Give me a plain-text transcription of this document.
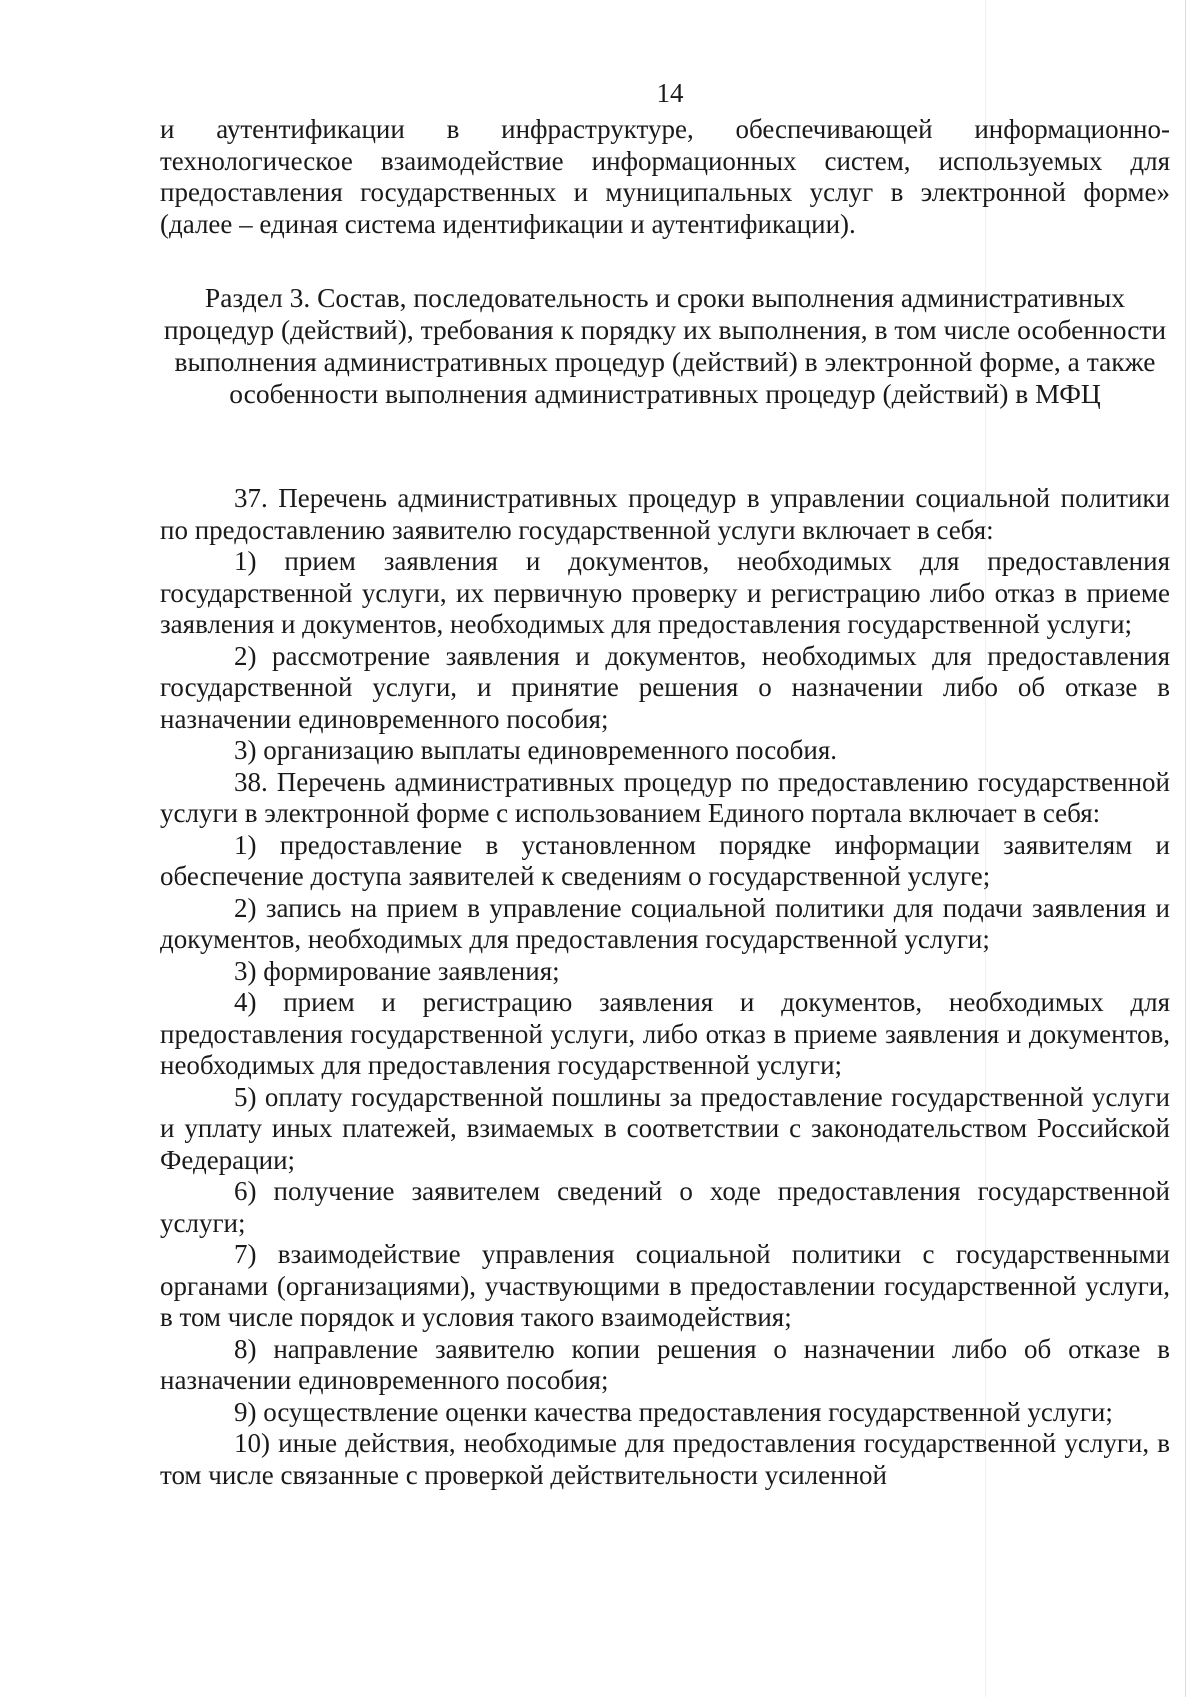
14

и аутентификации в инфраструктуре, обеспечивающей информационно-технологическое взаимодействие информационных систем, используемых для предоставления государственных и муниципальных услуг в электронной форме» (далее – единая система идентификации и аутентификации).

Раздел 3. Состав, последовательность и сроки выполнения административных процедур (действий), требования к порядку их выполнения, в том числе особенности выполнения административных процедур (действий) в электронной форме, а также особенности выполнения административных процедур (действий) в МФЦ

37. Перечень административных процедур в управлении социальной политики по предоставлению заявителю государственной услуги включает в себя:

1) прием заявления и документов, необходимых для предоставления государственной услуги, их первичную проверку и регистрацию либо отказ в приеме заявления и документов, необходимых для предоставления государственной услуги;

2) рассмотрение заявления и документов, необходимых для предоставления государственной услуги, и принятие решения о назначении либо об отказе в назначении единовременного пособия;

3) организацию выплаты единовременного пособия.

38. Перечень административных процедур по предоставлению государственной услуги в электронной форме с использованием Единого портала включает в себя:

1) предоставление в установленном порядке информации заявителям и обеспечение доступа заявителей к сведениям о государственной услуге;

2) запись на прием в управление социальной политики для подачи заявления и документов, необходимых для предоставления государственной услуги;

3) формирование заявления;

4) прием и регистрацию заявления и документов, необходимых для предоставления государственной услуги, либо отказ в приеме заявления и документов, необходимых для предоставления государственной услуги;

5) оплату государственной пошлины за предоставление государственной услуги и уплату иных платежей, взимаемых в соответствии с законодательством Российской Федерации;

6) получение заявителем сведений о ходе предоставления государственной услуги;

7) взаимодействие управления социальной политики с государственными органами (организациями), участвующими в предоставлении государственной услуги, в том числе порядок и условия такого взаимодействия;

8) направление заявителю копии решения о назначении либо об отказе в назначении единовременного пособия;

9) осуществление оценки качества предоставления государственной услуги;

10) иные действия, необходимые для предоставления государственной услуги, в том числе связанные с проверкой действительности усиленной
